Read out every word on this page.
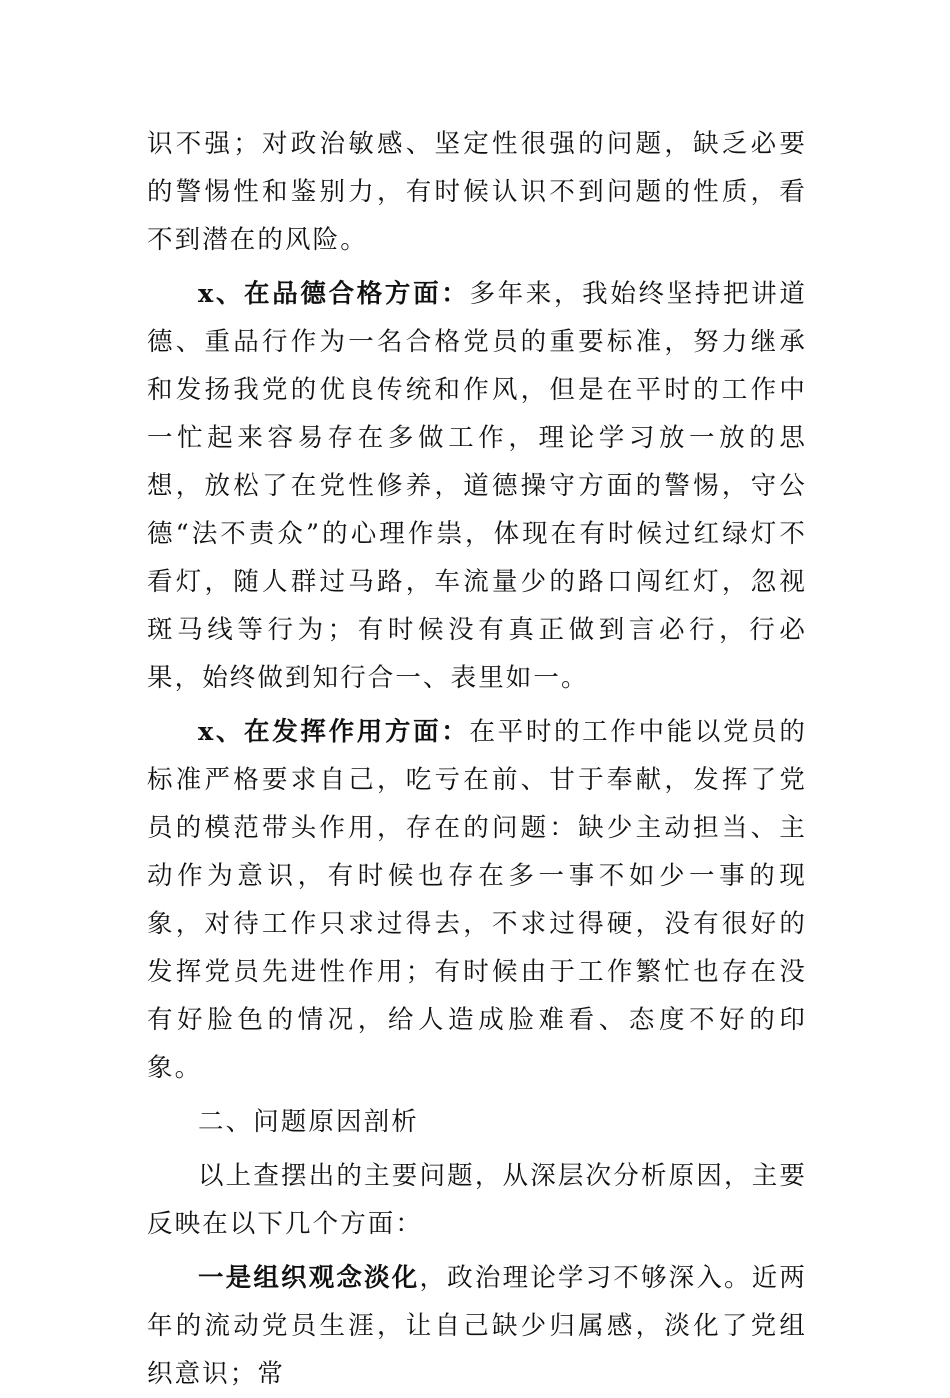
识不强；对政治敏感、坚定性很强的问题，缺乏必要的警惕性和鉴别力，有时候认识不到问题的性质，看不到潜在的风险。

x、在品德合格方面：多年来，我始终坚持把讲道德、重品行作为一名合格党员的重要标准，努力继承和发扬我党的优良传统和作风，但是在平时的工作中一忙起来容易存在多做工作，理论学习放一放的思想，放松了在党性修养，道德操守方面的警惕，守公德“法不责众”的心理作祟，体现在有时候过红绿灯不看灯，随人群过马路，车流量少的路口闯红灯，忽视斑马线等行为；有时候没有真正做到言必行，行必果，始终做到知行合一、表里如一。

x、在发挥作用方面：在平时的工作中能以党员的标准严格要求自己，吃亏在前、甘于奉献，发挥了党员的模范带头作用，存在的问题：缺少主动担当、主动作为意识，有时候也存在多一事不如少一事的现象，对待工作只求过得去，不求过得硬，没有很好的发挥党员先进性作用；有时候由于工作繁忙也存在没有好脸色的情况，给人造成脸难看、态度不好的印象。

二、问题原因剖析

以上查摆出的主要问题，从深层次分析原因，主要反映在以下几个方面：

一是组织观念淡化，政治理论学习不够深入。近两年的流动党员生涯，让自己缺少归属感，淡化了党组织意识；常
